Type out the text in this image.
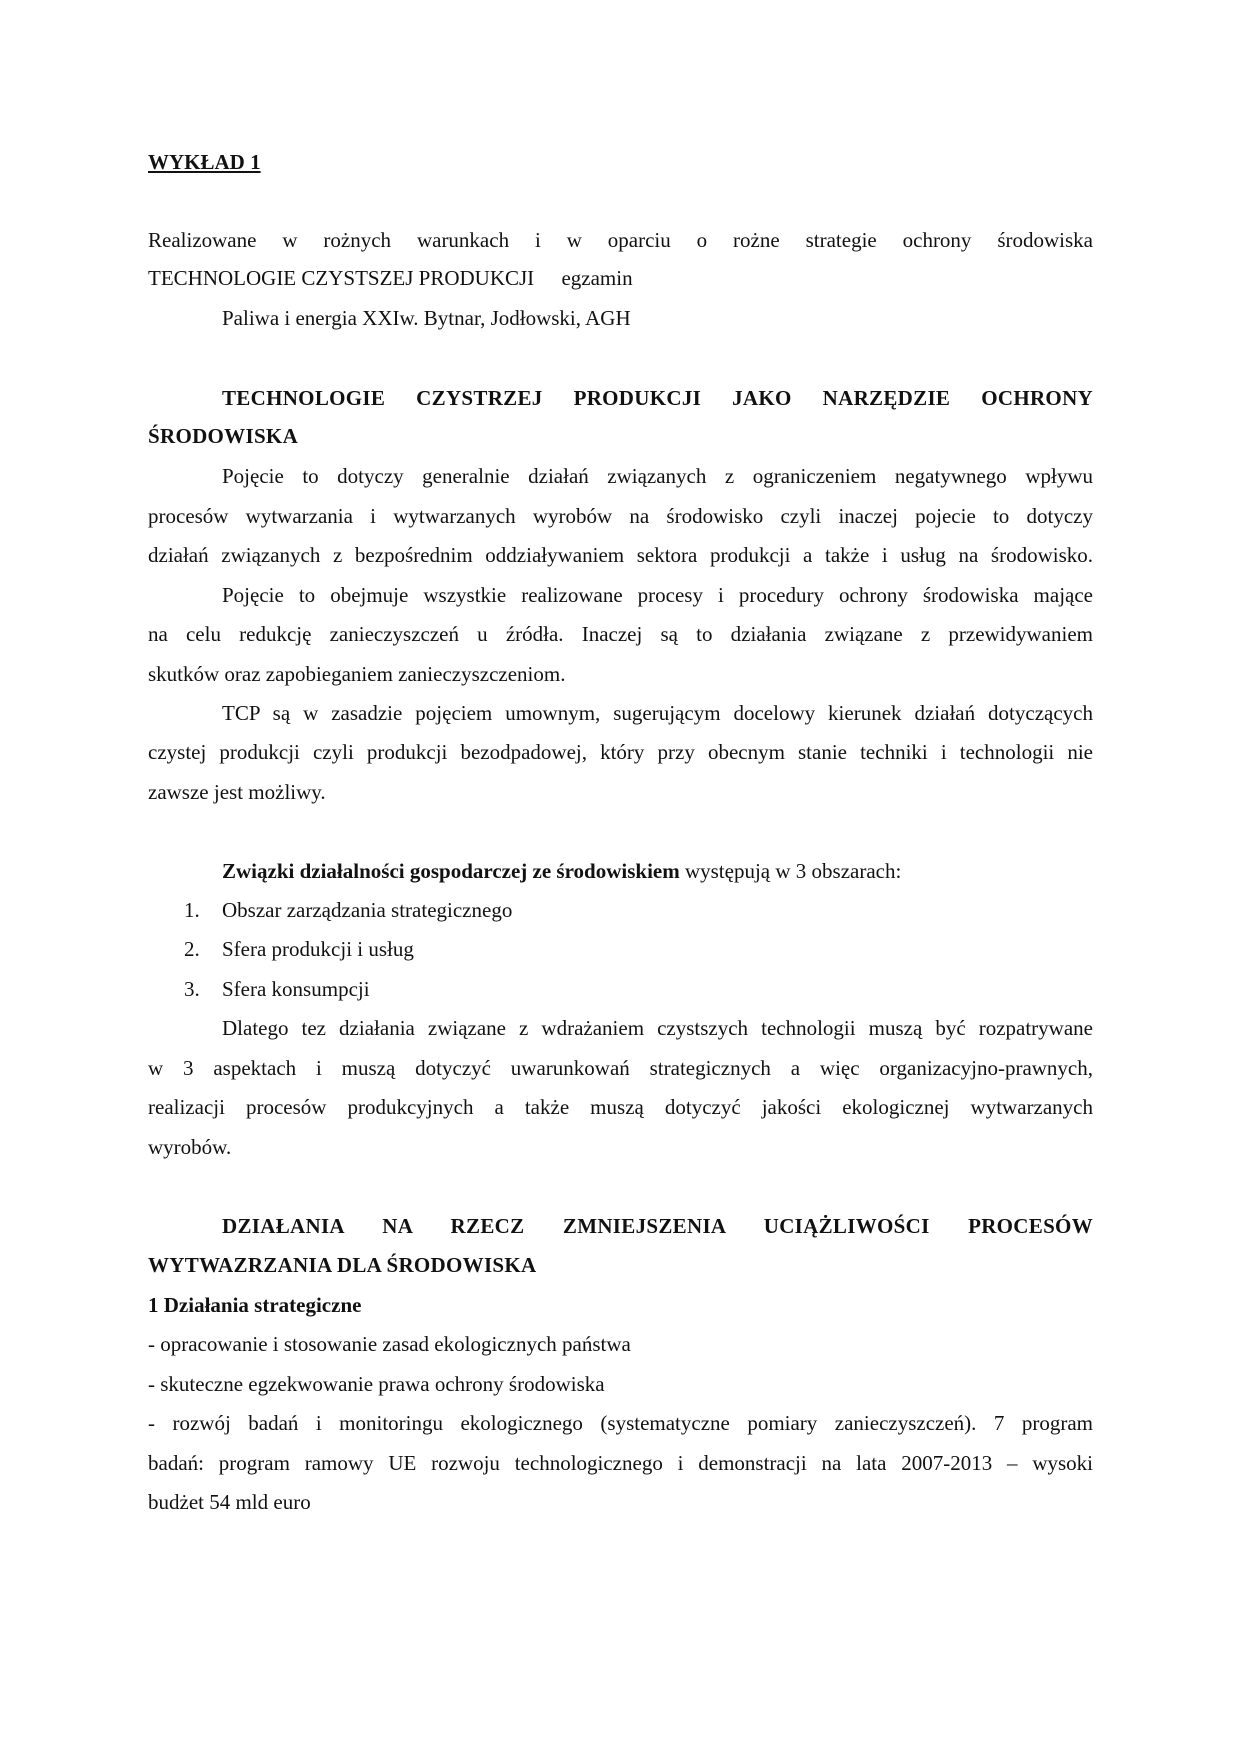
WYKŁAD 1
Realizowane w rożnych warunkach i w oparciu o rożne strategie ochrony środowiska
TECHNOLOGIE CZYSTSZEJ PRODUKCJI egzamin
Paliwa i energia XXIw. Bytnar, Jodłowski, AGH
TECHNOLOGIE CZYSTRZEJ PRODUKCJI JAKO NARZĘDZIE OCHRONY
ŚRODOWISKA
Pojęcie to dotyczy generalnie działań związanych z ograniczeniem negatywnego wpływu
procesów wytwarzania i wytwarzanych wyrobów na środowisko czyli inaczej pojecie to dotyczy
działań związanych z bezpośrednim oddziaływaniem sektora produkcji a także i usług na środowisko.
Pojęcie to obejmuje wszystkie realizowane procesy i procedury ochrony środowiska mające
na celu redukcję zanieczyszczeń u źródła. Inaczej są to działania związane z przewidywaniem
skutków oraz zapobieganiem zanieczyszczeniom.
TCP są w zasadzie pojęciem umownym, sugerującym docelowy kierunek działań dotyczących
czystej produkcji czyli produkcji bezodpadowej, który przy obecnym stanie techniki i technologii nie
zawsze jest możliwy.
Związki działalności gospodarczej ze środowiskiem występują w 3 obszarach:
1.	Obszar zarządzania strategicznego
2.	Sfera produkcji i usług
3.	Sfera konsumpcji
Dlatego tez działania związane z wdrażaniem czystszych technologii muszą być rozpatrywane
w 3 aspektach i muszą dotyczyć uwarunkowań strategicznych a więc organizacyjno-prawnych,
realizacji procesów produkcyjnych a także muszą dotyczyć jakości ekologicznej wytwarzanych
wyrobów.
DZIAŁANIA NA RZECZ ZMNIEJSZENIA UCIĄŻLIWOŚCI PROCESÓW
WYTWAZRZANIA DLA ŚRODOWISKA
1 Działania strategiczne
- opracowanie i stosowanie zasad ekologicznych państwa
- skuteczne egzekwowanie prawa ochrony środowiska
- rozwój badań i monitoringu ekologicznego (systematyczne pomiary zanieczyszczeń). 7 program
badań: program ramowy UE rozwoju technologicznego i demonstracji na lata 2007-2013 – wysoki
budżet 54 mld euro
